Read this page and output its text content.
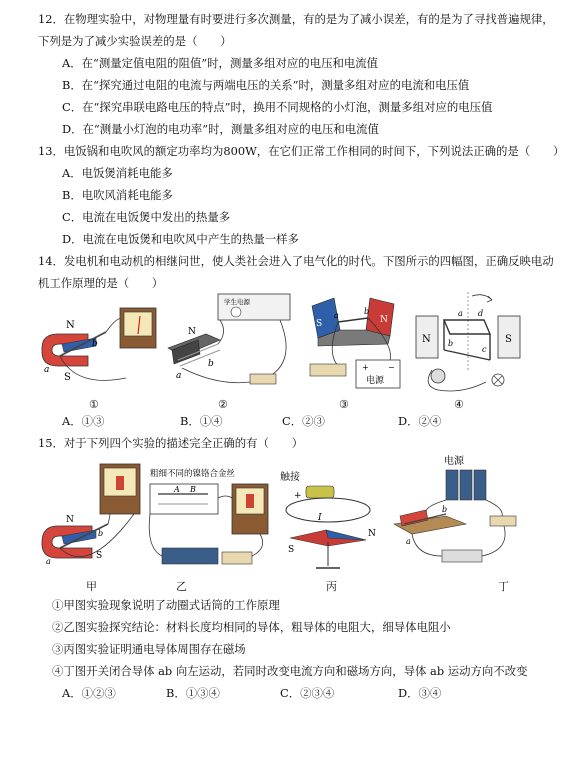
12．在物理实验中，对物理量有时要进行多次测量，有的是为了减小误差，有的是为了寻找普遍规律，
下列是为了减少实验误差的是（　　）
A．在“测量定值电阻的阻值”时，测量多组对应的电压和电流值
B．在“探究通过电阻的电流与两端电压的关系”时，测量多组对应的电流和电压值
C．在“探究串联电路电压的特点”时，换用不同规格的小灯泡，测量多组对应的电压值
D．在“测量小灯泡的电功率”时，测量多组对应的电压和电流值
13．电饭锅和电吹风的额定功率均为800W，在它们正常工作相同的时间下，下列说法正确的是（　　）
A．电饭煲消耗电能多
B．电吹风消耗电能多
C．电流在电饭煲中发出的热量多
D．电流在电饭煲和电吹风中产生的热量一样多
14．发电机和电动机的相继问世，使人类社会进入了电气化的时代。下图所示的四幅图，正确反映电动
机工作原理的是（　　）
N
S
a
b
①
学生电源
N
a
b
②
+ −
电源
S	N
a	b
③
N	S
a
b
c
d
④
A．①③	B．①④	C．②③	D．②④
15．对于下列四个实验的描述完全正确的有（　　）
N
S
a
b
甲
粗细不同的镍铬合金丝
A B
乙
触接
+
I
S
N
丙
电源
a
b
丁
①甲图实验现象说明了动圈式话筒的工作原理
②乙图实验探究结论：材料长度均相同的导体，粗导体的电阻大，细导体电阻小
③丙图实验证明通电导体周围存在磁场
④丁图开关闭合导体 ab 向左运动，若同时改变电流方向和磁场方向，导体 ab 运动方向不改变
A．①②③	B．①③④	C．②③④	D．③④
